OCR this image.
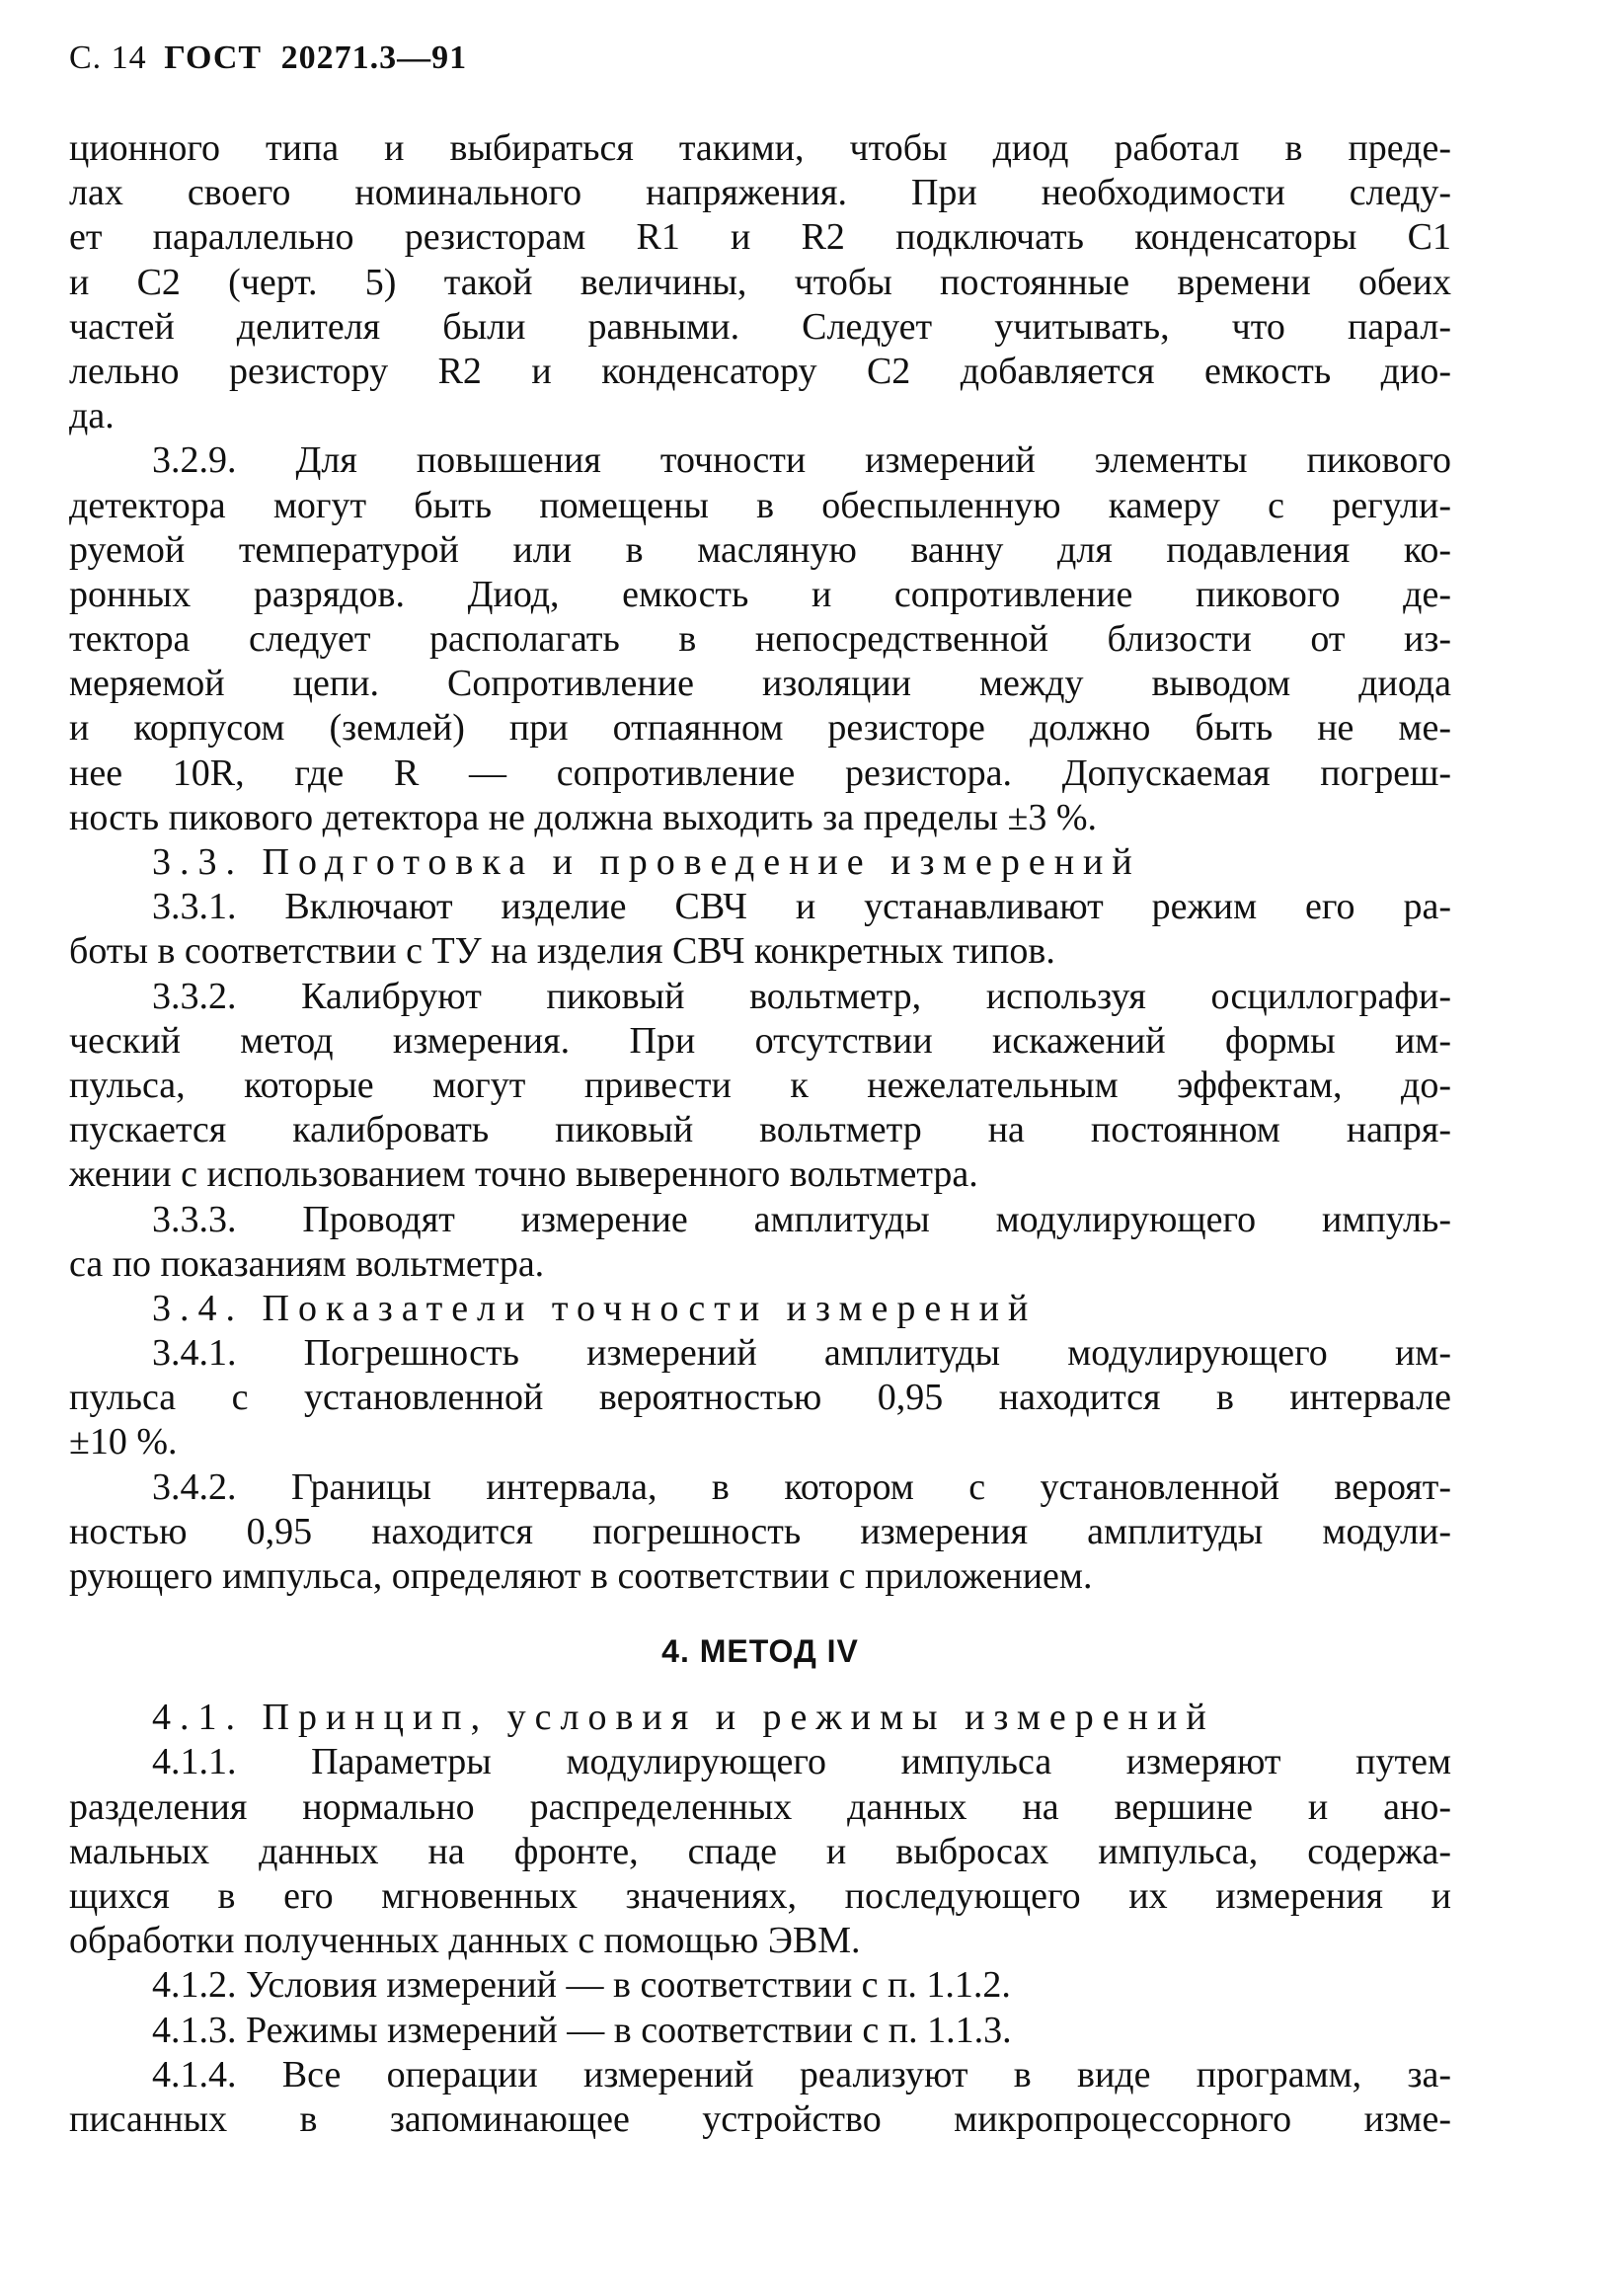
С. 14 ГОСТ 20271.3—91
ционного типа и выбираться такими, чтобы диод работал в преде-
лах своего номинального напряжения. При необходимости следу-
ет параллельно резисторам R1 и R2 подключать конденсаторы C1
и C2 (черт. 5) такой величины, чтобы постоянные времени обеих
частей делителя были равными. Следует учитывать, что парал-
лельно резистору R2 и конденсатору C2 добавляется емкость дио-
да.
3.2.9. Для повышения точности измерений элементы пикового
детектора могут быть помещены в обеспыленную камеру с регули-
руемой температурой или в масляную ванну для подавления ко-
ронных разрядов. Диод, емкость и сопротивление пикового де-
тектора следует располагать в непосредственной близости от из-
меряемой цепи. Сопротивление изоляции между выводом диода
и корпусом (землей) при отпаянном резисторе должно быть не ме-
нее 10R, где R — сопротивление резистора. Допускаемая погреш-
ность пикового детектора не должна выходить за пределы ±3 %.
3.3. Подготовка и проведение измерений
3.3.1. Включают изделие СВЧ и устанавливают режим его ра-
боты в соответствии с ТУ на изделия СВЧ конкретных типов.
3.3.2. Калибруют пиковый вольтметр, используя осциллографи-
ческий метод измерения. При отсутствии искажений формы им-
пульса, которые могут привести к нежелательным эффектам, до-
пускается калибровать пиковый вольтметр на постоянном напря-
жении с использованием точно выверенного вольтметра.
3.3.3. Проводят измерение амплитуды модулирующего импуль-
са по показаниям вольтметра.
3.4. Показатели точности измерений
3.4.1. Погрешность измерений амплитуды модулирующего им-
пульса с установленной вероятностью 0,95 находится в интервале
±10 %.
3.4.2. Границы интервала, в котором с установленной вероят-
ностью 0,95 находится погрешность измерения амплитуды модули-
рующего импульса, определяют в соответствии с приложением.
4. МЕТОД IV
4.1. Принцип, условия и режимы измерений
4.1.1. Параметры модулирующего импульса измеряют путем
разделения нормально распределенных данных на вершине и ано-
мальных данных на фронте, спаде и выбросах импульса, содержа-
щихся в его мгновенных значениях, последующего их измерения и
обработки полученных данных с помощью ЭВМ.
4.1.2. Условия измерений — в соответствии с п. 1.1.2.
4.1.3. Режимы измерений — в соответствии с п. 1.1.3.
4.1.4. Все операции измерений реализуют в виде программ, за-
писанных в запоминающее устройство микропроцессорного изме-
